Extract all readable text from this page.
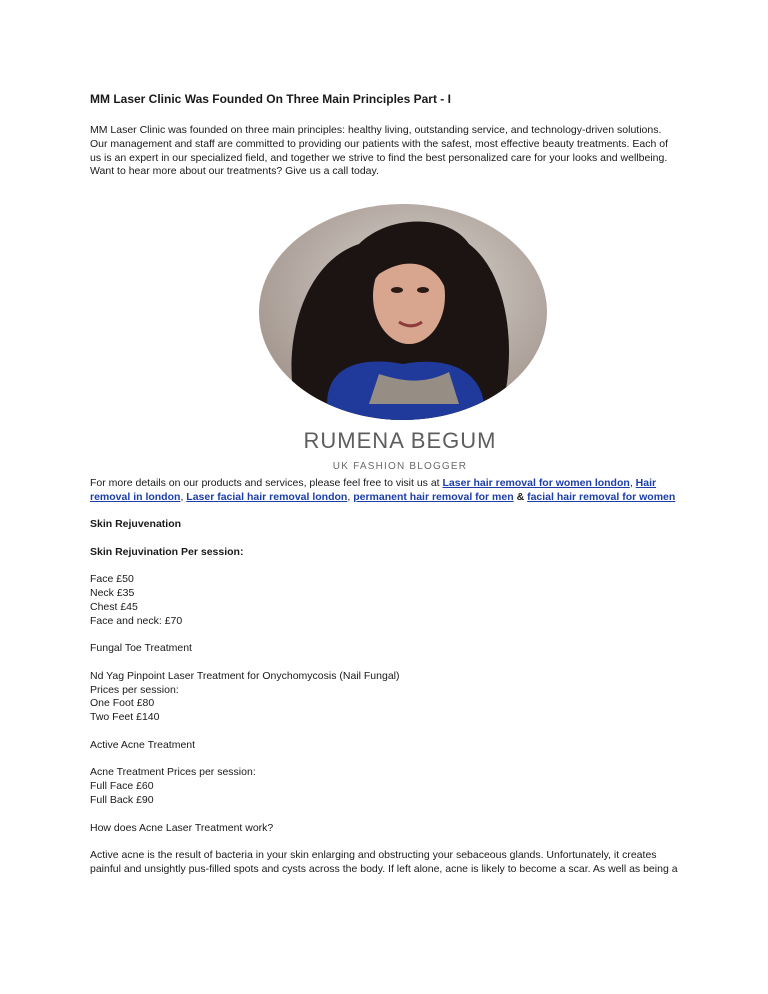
MM Laser Clinic Was Founded On Three Main Principles Part - I

MM Laser Clinic was founded on three main principles: healthy living, outstanding service, and technology-driven solutions. Our management and staff are committed to providing our patients with the safest, most effective beauty treatments. Each of us is an expert in our specialized field, and together we strive to find the best personalized care for your looks and wellbeing. Want to hear more about our treatments? Give us a call today.

RUMENA BEGUM
UK FASHION BLOGGER

For more details on our products and services, please feel free to visit us at Laser hair removal for women london, Hair removal in london, Laser facial hair removal london, permanent hair removal for men & facial hair removal for women

Skin Rejuvenation

Skin Rejuvination Per session:

Face £50
Neck £35
Chest £45
Face and neck: £70

Fungal Toe Treatment

Nd Yag Pinpoint Laser Treatment for Onychomycosis (Nail Fungal)
Prices per session:
One Foot £80
Two Feet £140

Active Acne Treatment

Acne Treatment Prices per session:
Full Face £60
Full Back £90

How does Acne Laser Treatment work?

Active acne is the result of bacteria in your skin enlarging and obstructing your sebaceous glands. Unfortunately, it creates painful and unsightly pus-filled spots and cysts across the body. If left alone, acne is likely to become a scar. As well as being a
